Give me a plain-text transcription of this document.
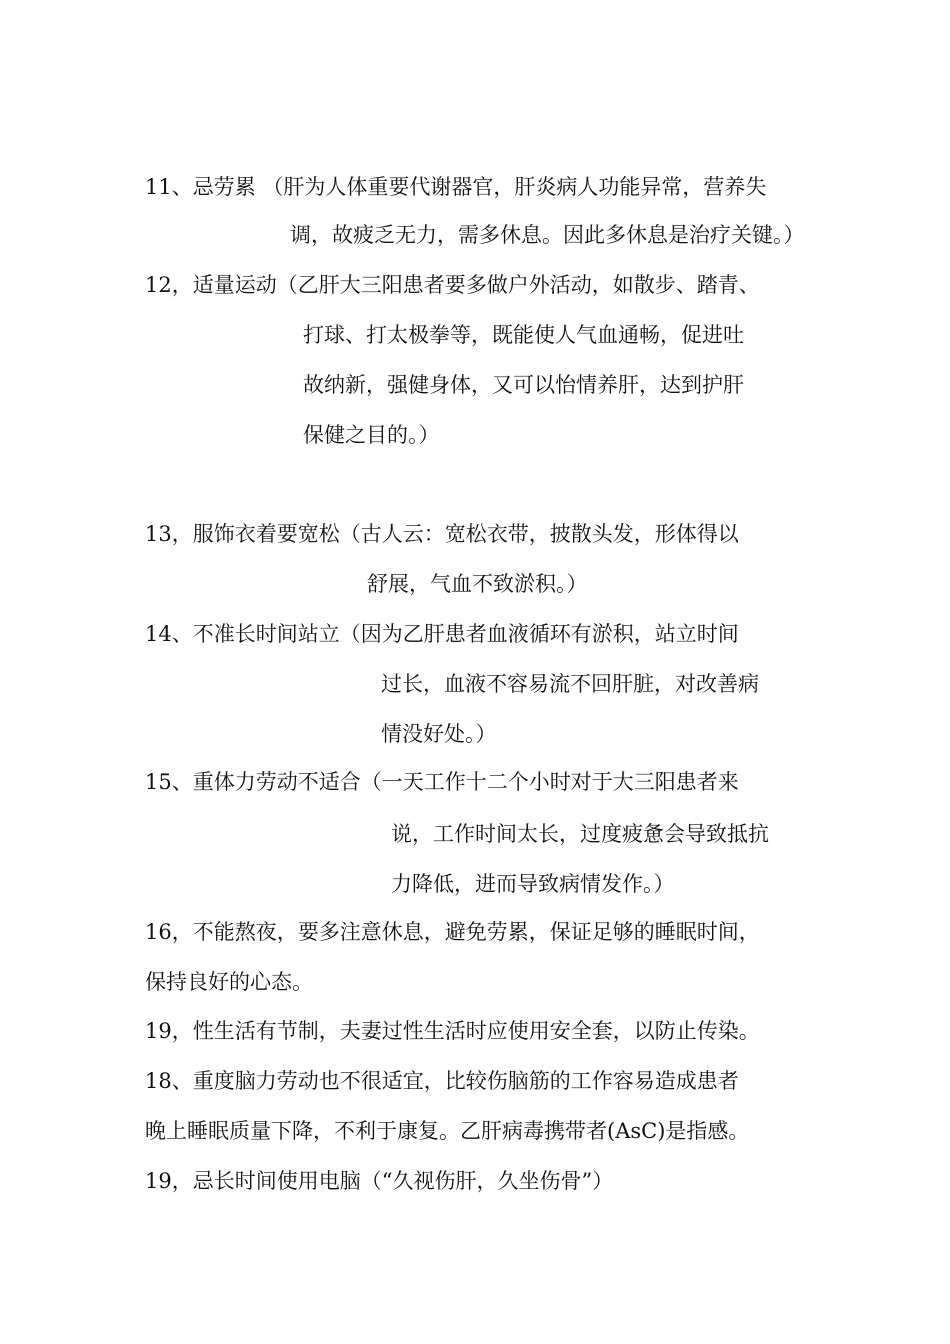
11、忌劳累 （肝为人体重要代谢器官，肝炎病人功能异常，营养失
调，故疲乏无力，需多休息。因此多休息是治疗关键。）
12，适量运动（乙肝大三阳患者要多做户外活动，如散步、踏青、
打球、打太极拳等，既能使人气血通畅，促进吐
故纳新，强健身体，又可以怡情养肝，达到护肝
保健之目的。）
13，服饰衣着要宽松（古人云：宽松衣带，披散头发，形体得以
舒展，气血不致淤积。）
14、不准长时间站立（因为乙肝患者血液循环有淤积，站立时间
过长，血液不容易流不回肝脏，对改善病
情没好处。）
15、重体力劳动不适合（一天工作十二个小时对于大三阳患者来
说，工作时间太长，过度疲惫会导致抵抗
力降低，进而导致病情发作。）
16，不能熬夜，要多注意休息，避免劳累，保证足够的睡眠时间，
保持良好的心态。
19，性生活有节制，夫妻过性生活时应使用安全套，以防止传染。
18、重度脑力劳动也不很适宜，比较伤脑筋的工作容易造成患者
晚上睡眠质量下降，不利于康复。乙肝病毒携带者(AsC)是指感。
19，忌长时间使用电脑（“久视伤肝，久坐伤骨”）
